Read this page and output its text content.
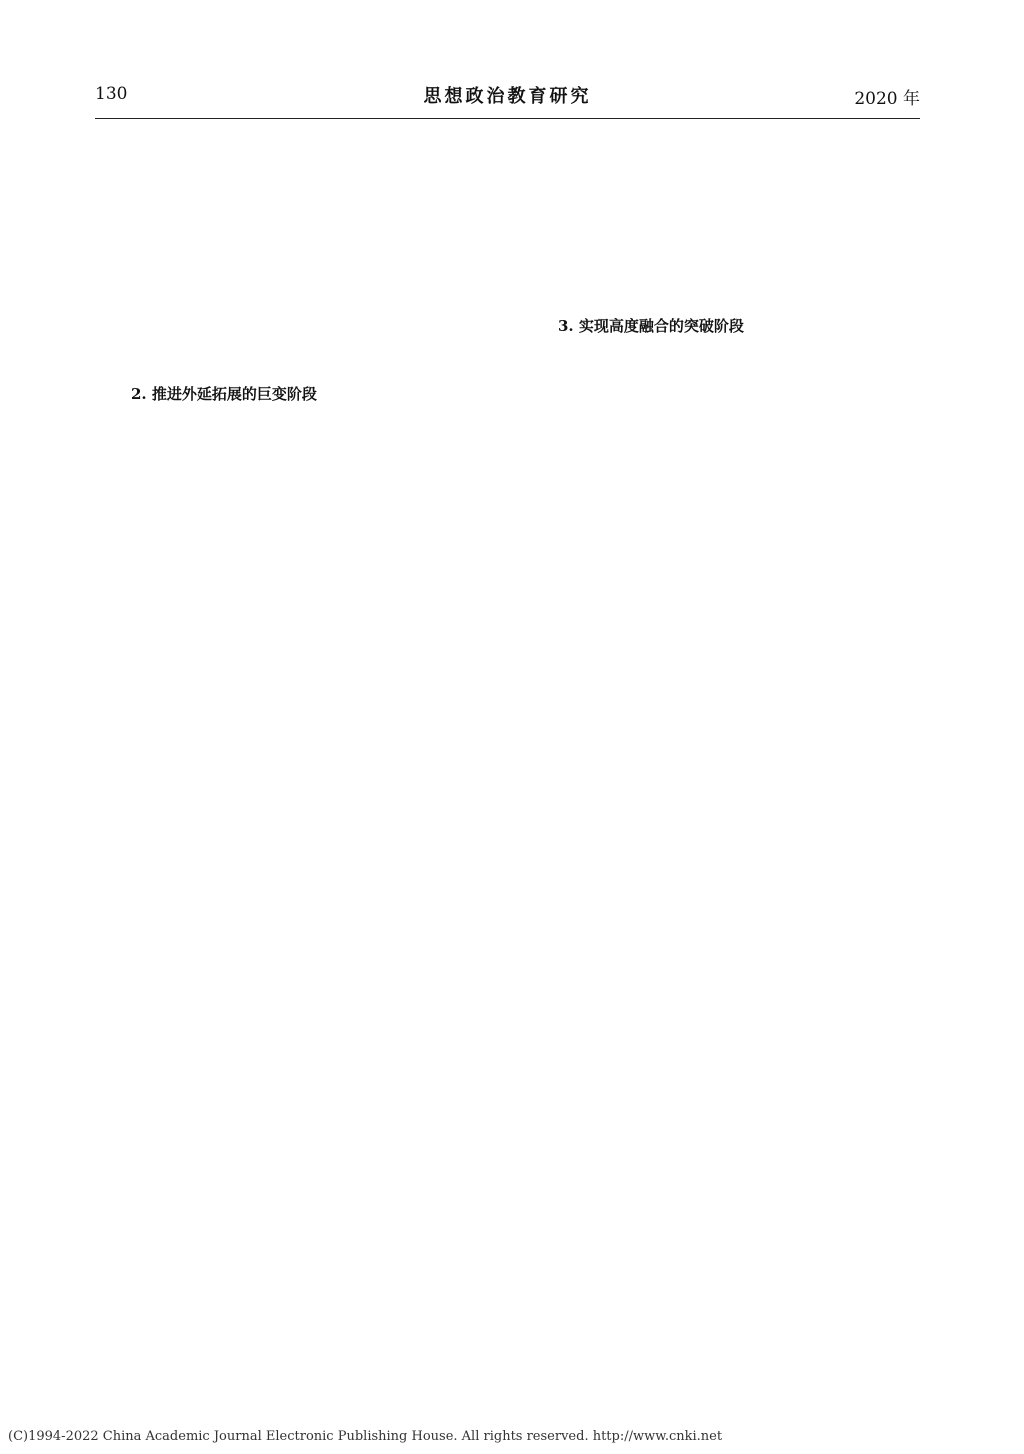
130	思想政治教育研究	2020 年
2. 推进外延拓展的巨变阶段
3. 实现高度融合的突破阶段
(C)1994-2022 China Academic Journal Electronic Publishing House. All rights reserved. http://www.cnki.net
